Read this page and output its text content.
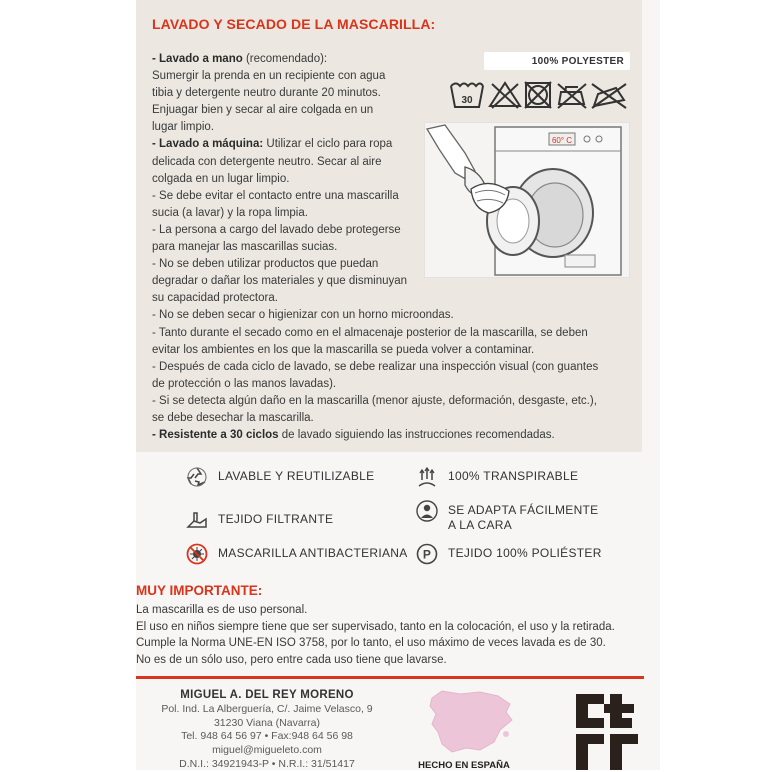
LAVADO Y SECADO DE LA MASCARILLA:
- Lavado a mano (recomendado):
Sumergir la prenda en un recipiente con agua
tibia y detergente neutro durante 20 minutos.
Enjuagar bien y secar al aire colgada en un
lugar limpio.
- Lavado a máquina: Utilizar el ciclo para ropa
delicada con detergente neutro. Secar al aire
colgada en un lugar limpio.
- Se debe evitar el contacto entre una mascarilla
sucia (a lavar) y la ropa limpia.
- La persona a cargo del lavado debe protegerse
para manejar las mascarillas sucias.
- No se deben utilizar productos que puedan
degradar o dañar los materiales y que disminuyan
su capacidad protectora.
- No se deben secar o higienizar con un horno microondas.
- Tanto durante el secado como en el almacenaje posterior de la mascarilla, se deben
evitar los ambientes en los que la mascarilla se pueda volver a contaminar.
- Después de cada ciclo de lavado, se debe realizar una inspección visual (con guantes
de protección o las manos lavadas).
- Si se detecta algún daño en la mascarilla (menor ajuste, deformación, desgaste, etc.),
se debe desechar la mascarilla.
- Resistente a 30 ciclos de lavado siguiendo las instrucciones recomendadas.
100% POLYESTER
30
60° C
LAVABLE Y REUTILIZABLE	100% TRANSPIRABLE
TEJIDO FILTRANTE
SE ADAPTA FÁCILMENTE
A LA CARA
MASCARILLA ANTIBACTERIANA P TEJIDO 100% POLIÉSTER
MUY IMPORTANTE:
La mascarilla es de uso personal.
El uso en niños siempre tiene que ser supervisado, tanto en la colocación, el uso y la retirada.
Cumple la Norma UNE-EN ISO 3758, por lo tanto, el uso máximo de veces lavada es de 30.
No es de un sólo uso, pero entre cada uso tiene que lavarse.
MIGUEL A. DEL REY MORENO
Pol. Ind. La Alberguería, C/. Jaime Velasco, 9
31230 Viana (Navarra)
Tel. 948 64 56 97 • Fax:948 64 56 98
miguel@migueleto.com
D.N.I.: 34921943-P • N.R.I.: 31/51417	HECHO EN ESPAÑA
